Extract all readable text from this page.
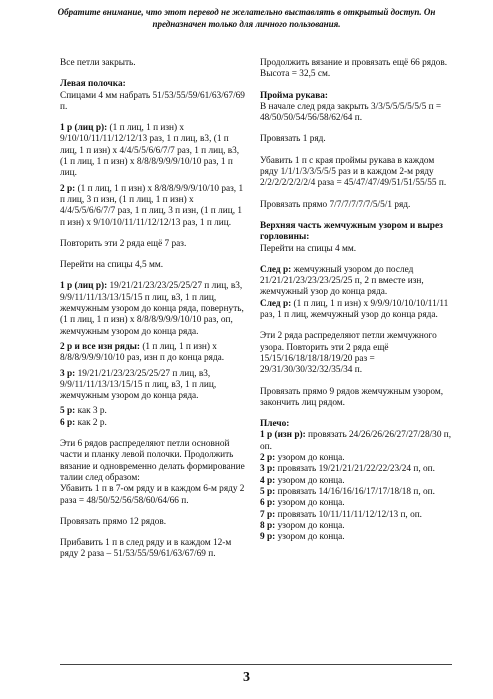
Обратите внимание, что этот перевод не желательно выставлять в открытый доступ. Он предназначен только для личного пользования.
Все петли закрыть.
Левая полочка:
Спицами 4 мм набрать 51/53/55/59/61/63/67/69 п.
1 р (лиц р): (1 п лиц, 1 п изн) x 9/10/10/11/11/12/12/13 раз, 1 п лиц, в3, (1 п лиц, 1 п изн) x 4/4/5/5/6/6/7/7 раз, 1 п лиц, в3, (1 п лиц, 1 п изн) x 8/8/8/9/9/9/10/10 раз, 1 п лиц.
2 р: (1 п лиц, 1 п изн) x 8/8/8/9/9/9/10/10 раз, 1 п лиц, 3 п изн, (1 п лиц, 1 п изн) x 4/4/5/5/6/6/7/7 раз, 1 п лиц, 3 п изн, (1 п лиц, 1 п изн) x 9/10/10/11/11/12/12/13 раз, 1 п лиц.
Повторить эти 2 ряда ещё 7 раз.
Перейти на спицы 4,5 мм.
1 р (лиц р): 19/21/21/23/23/25/25/27 п лиц, в3, 9/9/11/11/13/13/15/15 п лиц, в3, 1 п лиц, жемчужным узором до конца ряда, повернуть, (1 п лиц, 1 п изн) x 8/8/8/9/9/9/10/10 раз, оп, жемчужным узором до конца ряда.
2 р и все изн ряды: (1 п лиц, 1 п изн) x 8/8/8/9/9/9/10/10 раз, изн п до конца ряда.
3 р: 19/21/21/23/23/25/25/27 п лиц, в3, 9/9/11/11/13/13/15/15 п лиц, в3, 1 п лиц, жемчужным узором до конца ряда.
5 р: как 3 р.
6 р: как 2 р.
Эти 6 рядов распределяют петли основной части и планку левой полочки. Продолжить вязание и одновременно делать формирование талии след образом:
Убавить 1 п в 7-ом ряду и в каждом 6-м ряду 2 раза = 48/50/52/56/58/60/64/66 п.
Провязать прямо 12 рядов.
Прибавить 1 п в след ряду и в каждом 12-м ряду 2 раза – 51/53/55/59/61/63/67/69 п.
Продолжить вязание и провязать ещё 66 рядов. Высота = 32,5 см.
Пройма рукава:
В начале след ряда закрыть 3/3/5/5/5/5/5/5 п = 48/50/50/54/56/58/62/64 п.
Провязать 1 ряд.
Убавить 1 п с края проймы рукава в каждом ряду 1/1/1/3/3/5/5/5 раз и в каждом 2-м ряду 2/2/2/2/2/2/2/4 раза = 45/47/47/49/51/51/55/55 п.
Провязать прямо 7/7/7/7/7/7/5/5/1 ряд.
Верхняя часть жемчужным узором и вырез горловины:
Перейти на спицы 4 мм.
След р: жемчужный узором до послед 21/21/21/23/23/23/25/25 п, 2 п вместе изн, жемчужный узор до конца ряда.
След р: (1 п лиц, 1 п изн) x 9/9/9/10/10/10/11/11 раз, 1 п лиц, жемчужный узор до конца ряда.
Эти 2 ряда распределяют петли жемчужного узора. Повторить эти 2 ряда ещё 15/15/16/18/18/18/19/20 раз = 29/31/30/30/32/32/35/34 п.
Провязать прямо 9 рядов жемчужным узором, закончить лиц рядом.
Плечо:
1 р (изн р): провязать 24/26/26/26/27/27/28/30 п, оп.
2 р: узором до конца.
3 р: провязать 19/21/21/21/22/22/23/24 п, оп.
4 р: узором до конца.
5 р: провязать 14/16/16/16/17/17/18/18 п, оп.
6 р: узором до конца.
7 р: провязать 10/11/11/11/12/12/13 п, оп.
8 р: узором до конца.
9 р: узором до конца.
3
